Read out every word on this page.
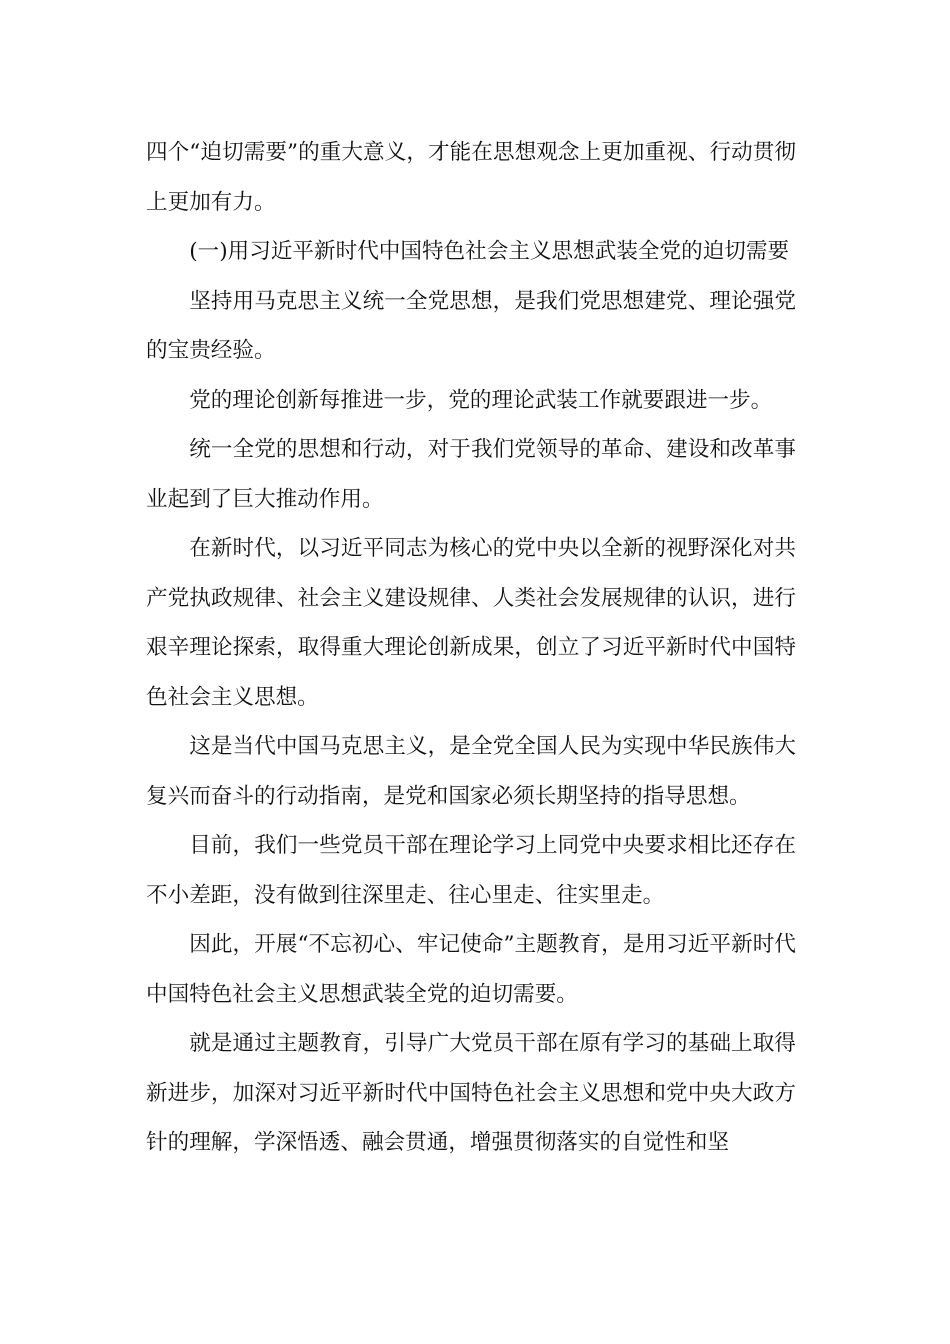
四个“迫切需要”的重大意义，才能在思想观念上更加重视、行动贯彻上更加有力。

(一)用习近平新时代中国特色社会主义思想武装全党的迫切需要

坚持用马克思主义统一全党思想，是我们党思想建党、理论强党的宝贵经验。

党的理论创新每推进一步，党的理论武装工作就要跟进一步。

统一全党的思想和行动，对于我们党领导的革命、建设和改革事业起到了巨大推动作用。

在新时代，以习近平同志为核心的党中央以全新的视野深化对共产党执政规律、社会主义建设规律、人类社会发展规律的认识，进行艰辛理论探索，取得重大理论创新成果，创立了习近平新时代中国特色社会主义思想。

这是当代中国马克思主义，是全党全国人民为实现中华民族伟大复兴而奋斗的行动指南，是党和国家必须长期坚持的指导思想。

目前，我们一些党员干部在理论学习上同党中央要求相比还存在不小差距，没有做到往深里走、往心里走、往实里走。

因此，开展“不忘初心、牢记使命”主题教育，是用习近平新时代中国特色社会主义思想武装全党的迫切需要。

就是通过主题教育，引导广大党员干部在原有学习的基础上取得新进步，加深对习近平新时代中国特色社会主义思想和党中央大政方针的理解，学深悟透、融会贯通，增强贯彻落实的自觉性和坚
